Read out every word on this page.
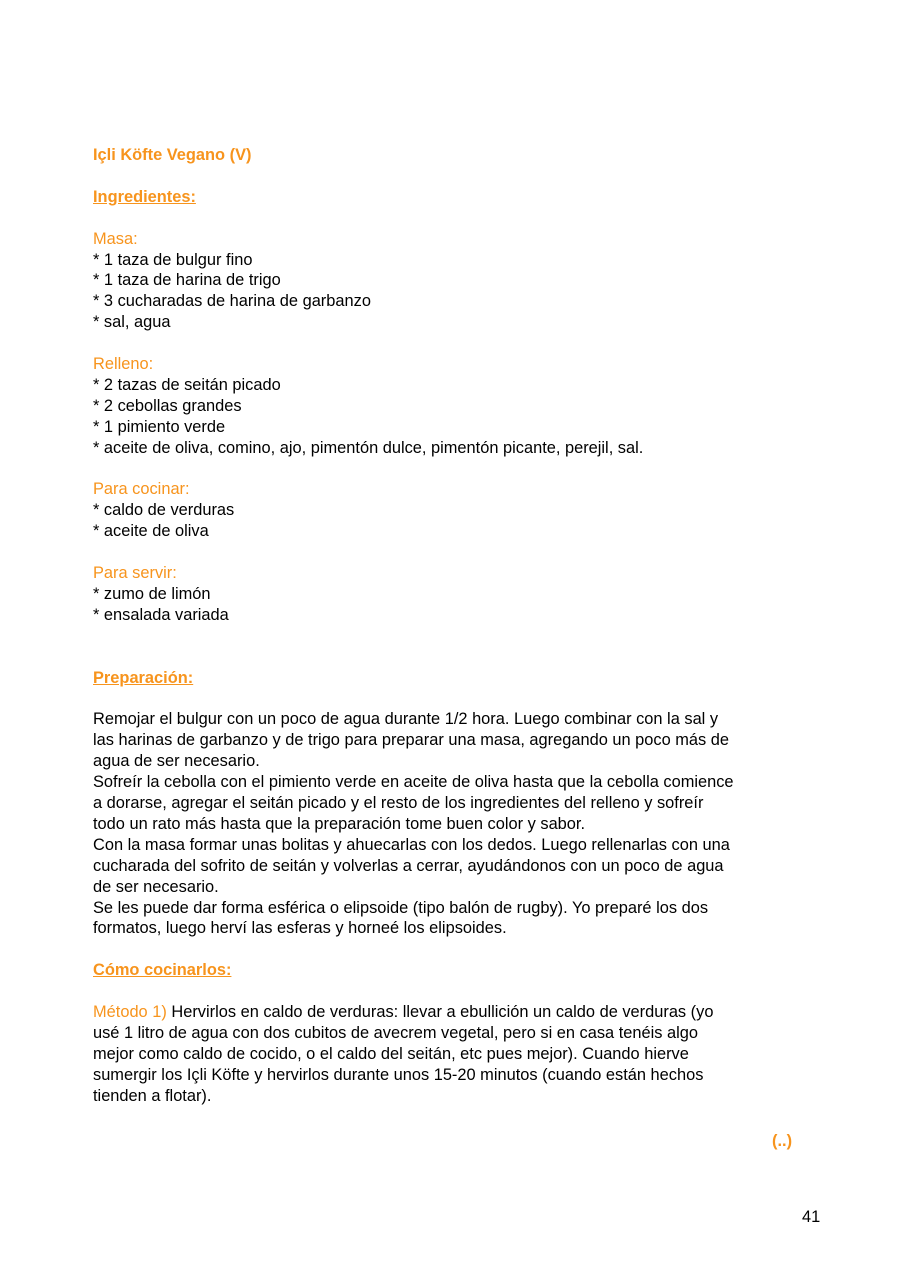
Içli Köfte Vegano (V)
Ingredientes:
Masa:
* 1 taza de bulgur fino
* 1 taza de harina de trigo
* 3 cucharadas de harina de garbanzo
* sal, agua
Relleno:
* 2 tazas de seitán picado
* 2 cebollas grandes
* 1 pimiento verde
* aceite de oliva, comino, ajo, pimentón dulce, pimentón picante, perejil, sal.
Para cocinar:
* caldo de verduras
* aceite de oliva
Para servir:
* zumo de limón
* ensalada variada
Preparación:
Remojar el bulgur con un poco de agua durante 1/2 hora. Luego combinar con la sal y
las harinas de garbanzo y de trigo para preparar una masa, agregando un poco más de
agua de ser necesario.
Sofreír la cebolla con el pimiento verde en aceite de oliva hasta que la cebolla comience
a dorarse, agregar el seitán picado y el resto de los ingredientes del relleno y sofreír
todo un rato más hasta que la preparación tome buen color y sabor.
Con la masa formar unas bolitas y ahuecarlas con los dedos. Luego rellenarlas con una
cucharada del sofrito de seitán y volverlas a cerrar, ayudándonos con un poco de agua
de ser necesario.
Se les puede dar forma esférica o elipsoide (tipo balón de rugby). Yo preparé los dos
formatos, luego herví las esferas y horneé los elipsoides.
Cómo cocinarlos:
Método 1) Hervirlos en caldo de verduras: llevar a ebullición un caldo de verduras (yo
usé 1 litro de agua con dos cubitos de avecrem vegetal, pero si en casa tenéis algo
mejor como caldo de cocido, o el caldo del seitán, etc pues mejor). Cuando hierve
sumergir los Içli Köfte y hervirlos durante unos 15-20 minutos (cuando están hechos
tienden a flotar).
(..)
41
